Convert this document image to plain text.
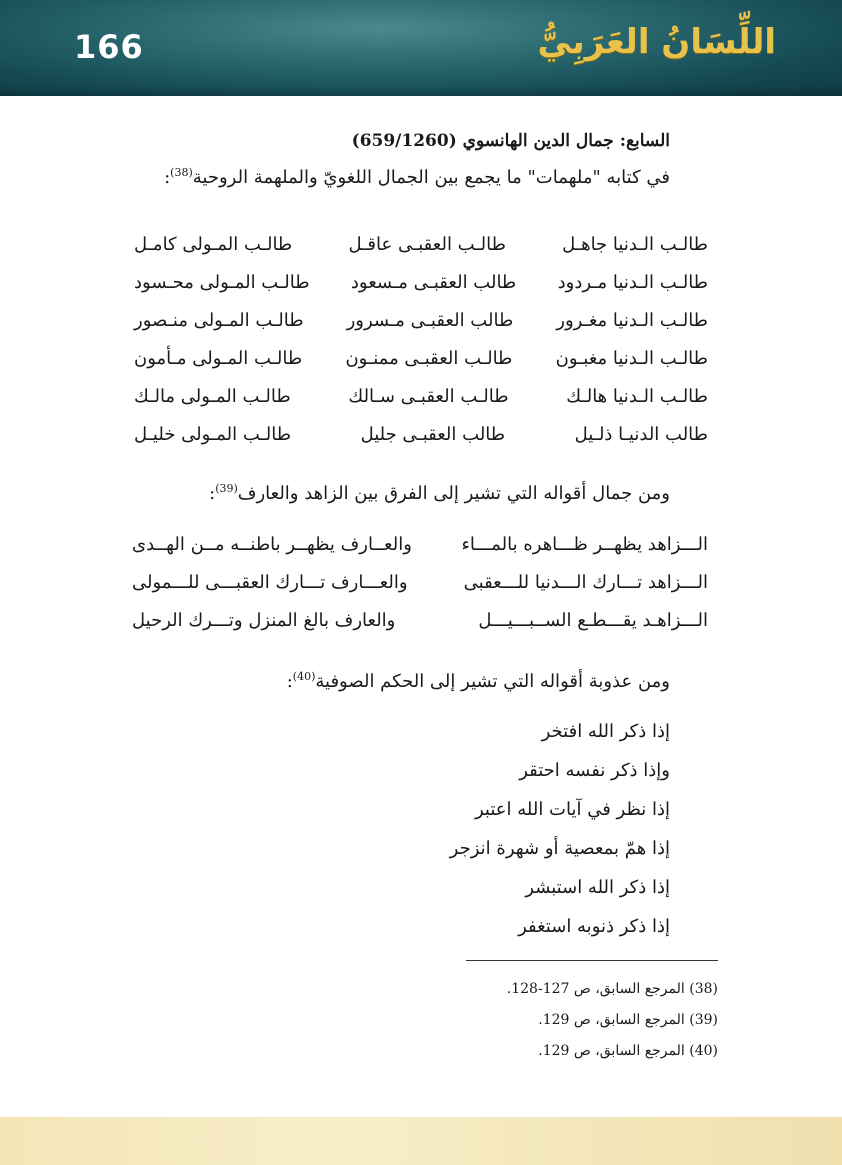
166	اللِّسَانُ العَرَبِيُّ
السابع: جمال الدين الهانسوي (659/1260)
في كتابه "ملهمات" ما يجمع بين الجمال اللغويّ والملهمة الروحية$^{(38)}$:
طالـب الـدنيا جاهـل
طالـب العقبـى عاقـل
طالـب المـولى كامـل
طالـب الـدنيا مـردود
طالب العقبـى مـسعود
طالـب المـولى محـسود
طالـب الـدنيا مغـرور
طالب العقبـى مـسرور
طالـب المـولى منـصور
طالـب الـدنيا مغبـون
طالـب العقبـى ممنـون
طالـب المـولى مـأمون
طالـب الـدنيا هالـك
طالـب العقبـى سـالك
طالـب المـولى مالـك
طالب الدنيـا ذلـيل
طالب العقبـى جليل
طالـب المـولى خليـل
ومن جمال أقواله التي تشير إلى الفرق بين الزاهد والعارف$^{(39)}$:
الـــزاهد يظهــر ظـــاهره بالمـــاء
والعــارف يظهــر باطنــه مــن الهــدى
الـــزاهد تـــارك الـــدنيا للـــعقبى
والعـــارف تـــارك العقبـــى للـــمولى
الـــزاهـد يقـــطـع الســبـــيـــل
والعارف بالغ المنزل وتـــرك الرحيل
ومن عذوبة أقواله التي تشير إلى الحكم الصوفية$^{(40)}$:
إذا ذكر الله افتخر
وإذا ذكر نفسه احتقر
إذا نظر في آيات الله اعتبر
إذا همّ بمعصية أو شهرة انزجر
إذا ذكر الله استبشر
إذا ذكر ذنوبه استغفر
(38) المرجع السابق، ص 127-128.
(39) المرجع السابق، ص 129.
(40) المرجع السابق، ص 129.
